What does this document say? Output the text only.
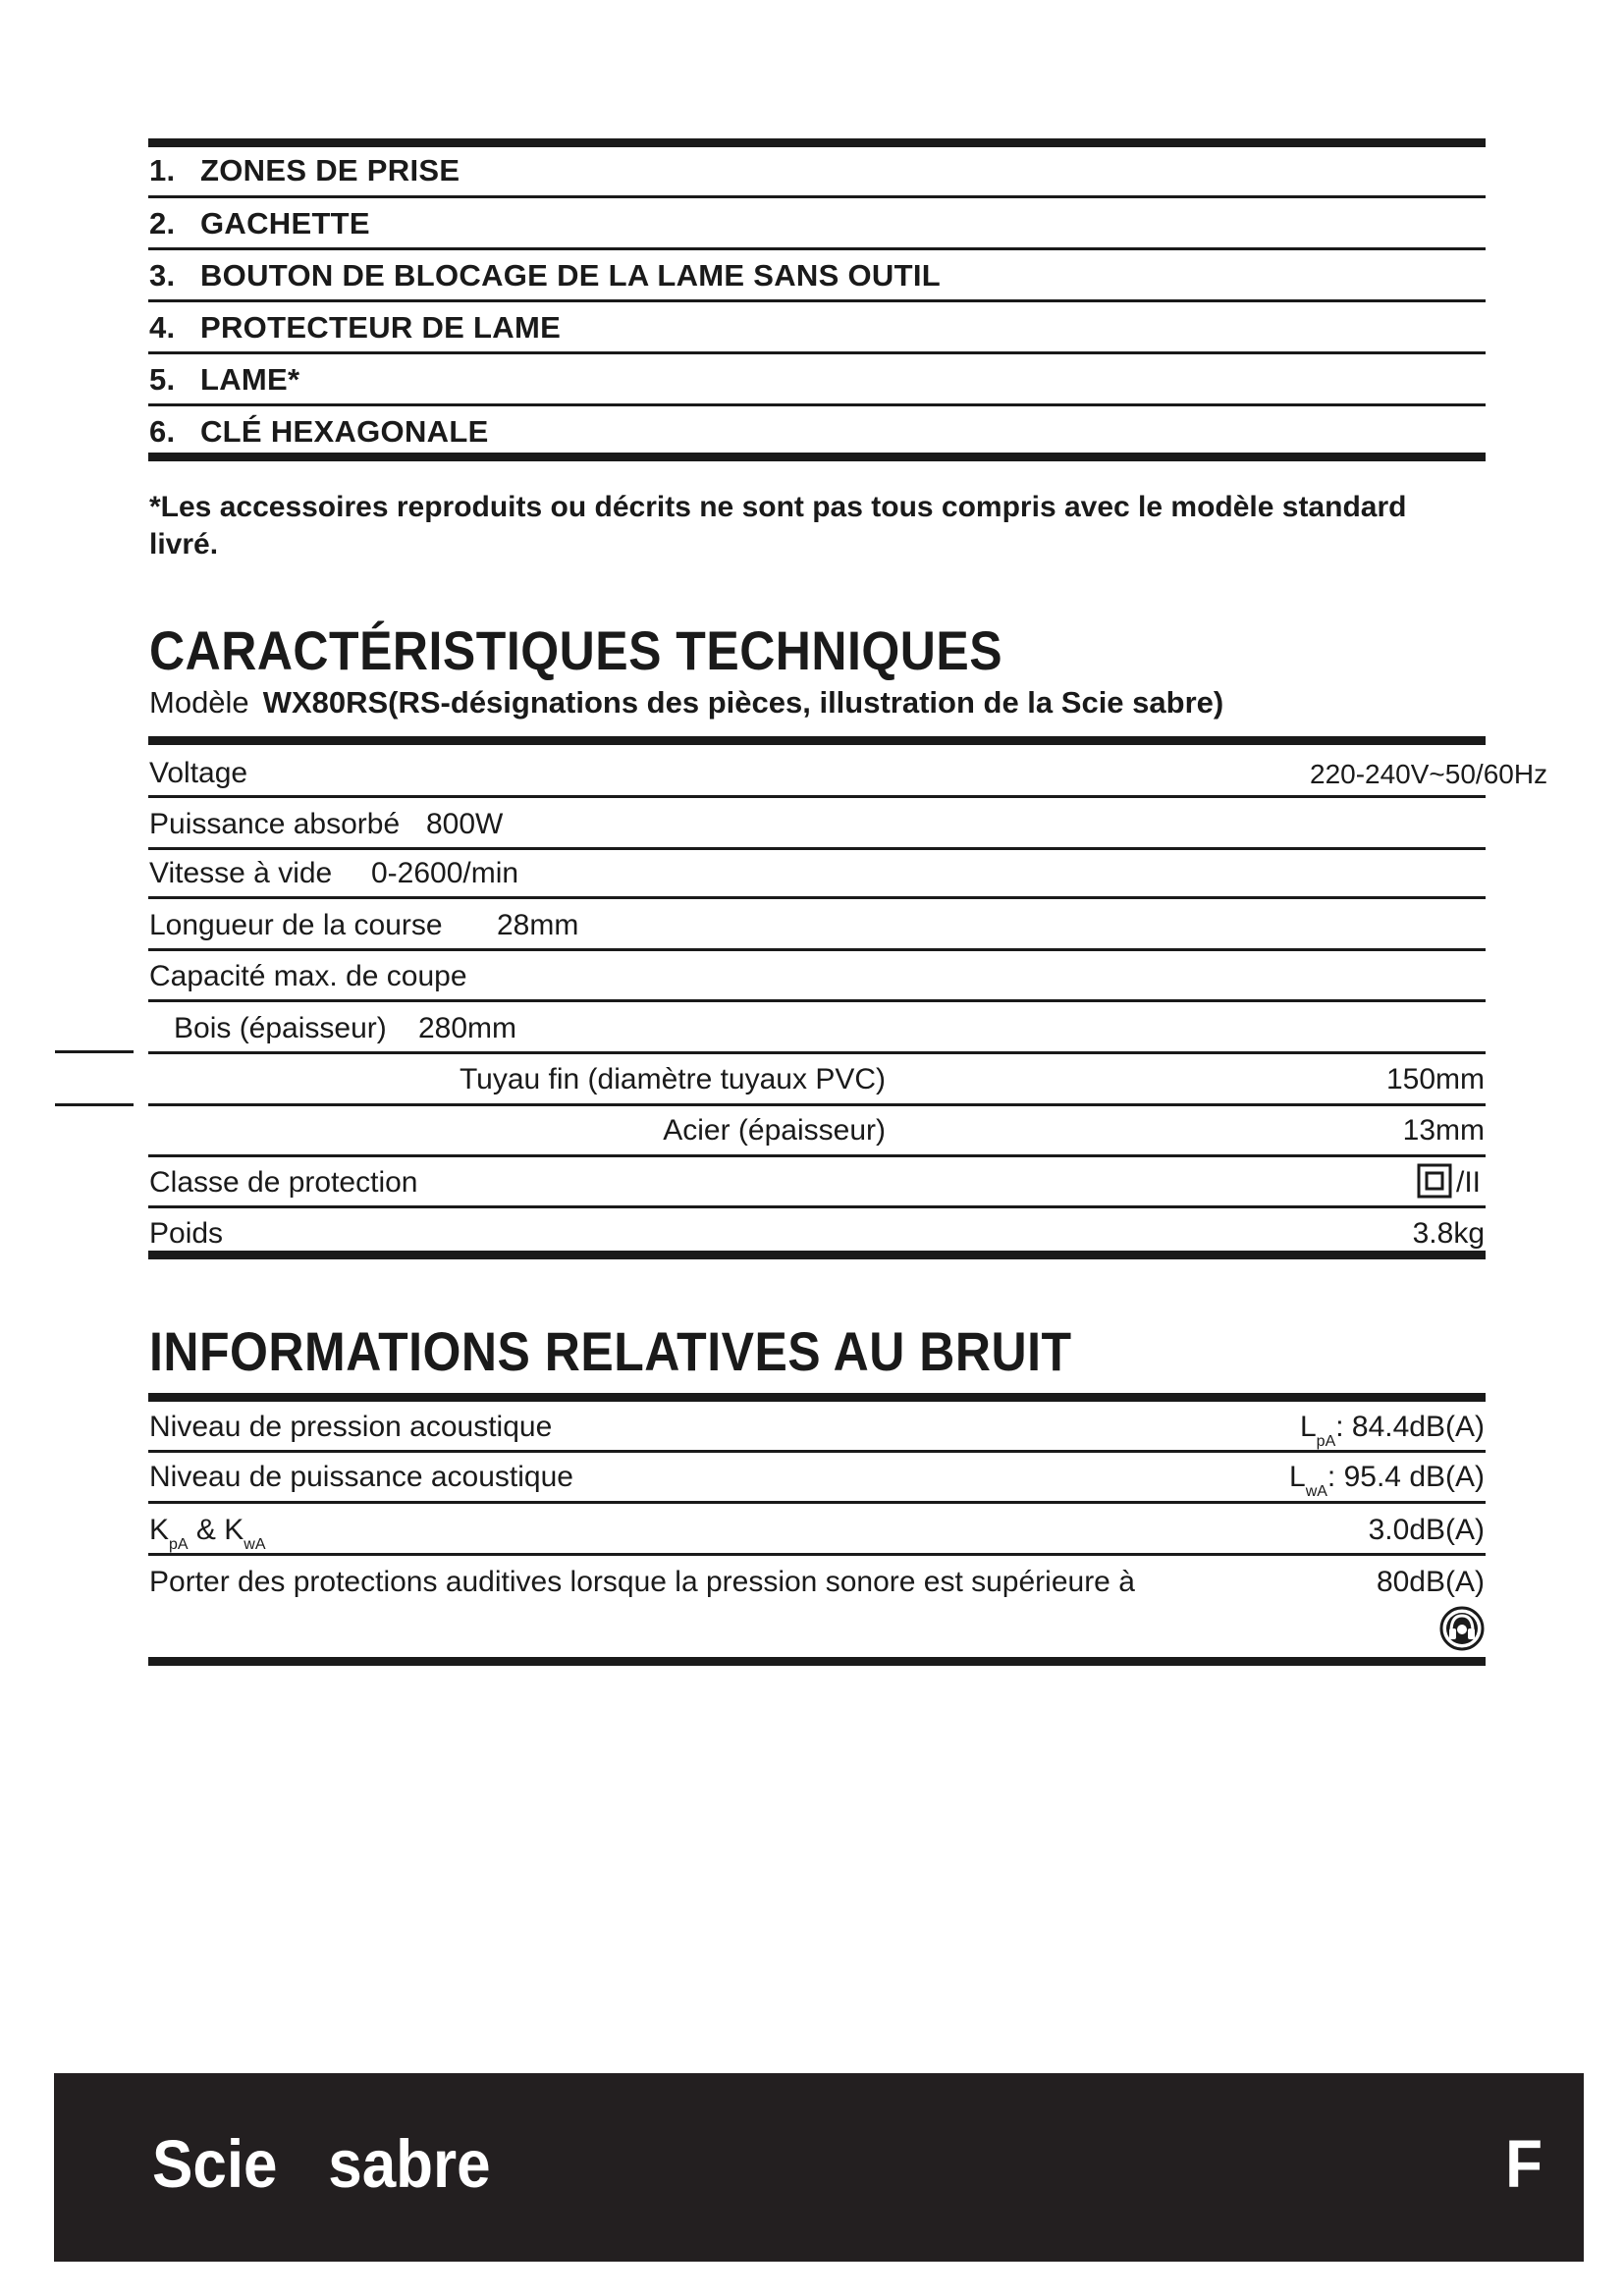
1. ZONES DE PRISE
2. GACHETTE
3. BOUTON DE BLOCAGE DE LA LAME SANS OUTIL
4. PROTECTEUR DE LAME
5. LAME*
6. CLÉ HEXAGONALE
*Les accessoires reproduits ou décrits ne sont pas tous compris avec le modèle standard livré.
CARACTÉRISTIQUES TECHNIQUES
Modèle WX80RS(RS-désignations des pièces, illustration de la Scie sabre)
Voltage	220-240V~50/60Hz
Puissance absorbé 800W
Vitesse à vide 0-2600/min
Longueur de la course 28mm
Capacité max. de coupe
Bois (épaisseur) 280mm
Tuyau fin (diamètre tuyaux PVC)	150mm
Acier (épaisseur)	13mm
Classe de protection	/II
Poids	3.8kg
INFORMATIONS RELATIVES AU BRUIT
Niveau de pression acoustique	$L_{pA}$: 84.4dB(A)
Niveau de puissance acoustique	$L_{wA}$: 95.4 dB(A)
$K_{pA}$ & $K_{wA}$	3.0dB(A)
Porter des protections auditives lorsque la pression sonore est supérieure à	80dB(A)
Scie   sabre	F
